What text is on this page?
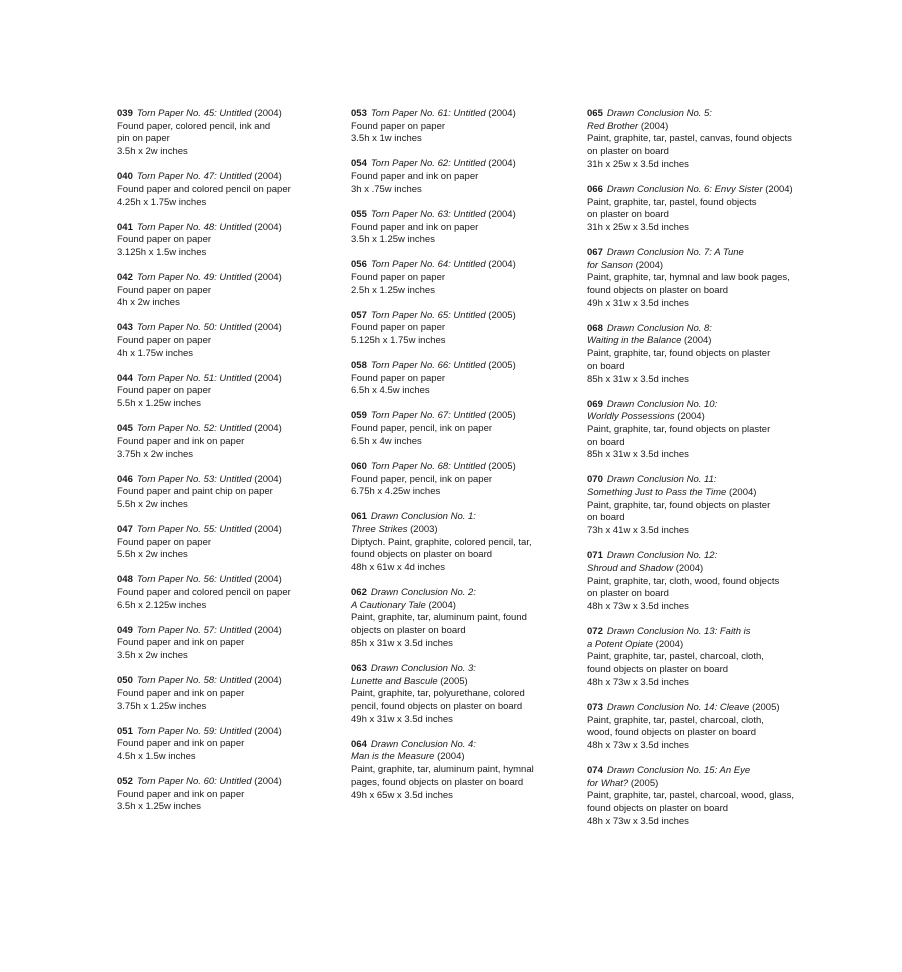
039 Torn Paper No. 45: Untitled (2004)
Found paper, colored pencil, ink and
pin on paper
3.5h x 2w inches
040 Torn Paper No. 47: Untitled (2004)
Found paper and colored pencil on paper
4.25h x 1.75w inches
041 Torn Paper No. 48: Untitled (2004)
Found paper on paper
3.125h x 1.5w inches
042 Torn Paper No. 49: Untitled (2004)
Found paper on paper
4h x 2w inches
043 Torn Paper No. 50: Untitled (2004)
Found paper on paper
4h x 1.75w inches
044 Torn Paper No. 51: Untitled (2004)
Found paper on paper
5.5h x 1.25w inches
045 Torn Paper No. 52: Untitled (2004)
Found paper and ink on paper
3.75h x 2w inches
046 Torn Paper No. 53: Untitled (2004)
Found paper and paint chip on paper
5.5h x 2w inches
047 Torn Paper No. 55: Untitled (2004)
Found paper on paper
5.5h x 2w inches
048 Torn Paper No. 56: Untitled (2004)
Found paper and colored pencil on paper
6.5h x 2.125w inches
049 Torn Paper No. 57: Untitled (2004)
Found paper and ink on paper
3.5h x 2w inches
050 Torn Paper No. 58: Untitled (2004)
Found paper and ink on paper
3.75h x 1.25w inches
051 Torn Paper No. 59: Untitled (2004)
Found paper and ink on paper
4.5h x 1.5w inches
052 Torn Paper No. 60: Untitled (2004)
Found paper and ink on paper
3.5h x 1.25w inches
053 Torn Paper No. 61: Untitled (2004)
Found paper on paper
3.5h x 1w inches
054 Torn Paper No. 62: Untitled (2004)
Found paper and ink on paper
3h x .75w inches
055 Torn Paper No. 63: Untitled (2004)
Found paper and ink on paper
3.5h x 1.25w inches
056 Torn Paper No. 64: Untitled (2004)
Found paper on paper
2.5h x 1.25w inches
057 Torn Paper No. 65: Untitled (2005)
Found paper on paper
5.125h x 1.75w inches
058 Torn Paper No. 66: Untitled (2005)
Found paper on paper
6.5h x 4.5w inches
059 Torn Paper No. 67: Untitled (2005)
Found paper, pencil, ink on paper
6.5h x 4w inches
060 Torn Paper No. 68: Untitled (2005)
Found paper, pencil, ink on paper
6.75h x 4.25w inches
061 Drawn Conclusion No. 1:
Three Strikes (2003)
Diptych. Paint, graphite, colored pencil, tar,
found objects on plaster on board
48h x 61w x 4d inches
062 Drawn Conclusion No. 2:
A Cautionary Tale (2004)
Paint, graphite, tar, aluminum paint, found
objects on plaster on board
85h x 31w x 3.5d inches
063 Drawn Conclusion No. 3:
Lunette and Bascule (2005)
Paint, graphite, tar, polyurethane, colored
pencil, found objects on plaster on board
49h x 31w x 3.5d inches
064 Drawn Conclusion No. 4:
Man is the Measure (2004)
Paint, graphite, tar, aluminum paint, hymnal
pages, found objects on plaster on board
49h x 65w x 3.5d inches
065 Drawn Conclusion No. 5:
Red Brother (2004)
Paint, graphite, tar, pastel, canvas, found objects
on plaster on board
31h x 25w x 3.5d inches
066 Drawn Conclusion No. 6: Envy Sister (2004)
Paint, graphite, tar, pastel, found objects
on plaster on board
31h x 25w x 3.5d inches
067 Drawn Conclusion No. 7: A Tune
for Sanson (2004)
Paint, graphite, tar, hymnal and law book pages,
found objects on plaster on board
49h x 31w x 3.5d inches
068 Drawn Conclusion No. 8:
Waiting in the Balance (2004)
Paint, graphite, tar, found objects on plaster
on board
85h x 31w x 3.5d inches
069 Drawn Conclusion No. 10:
Worldly Possessions (2004)
Paint, graphite, tar, found objects on plaster
on board
85h x 31w x 3.5d inches
070 Drawn Conclusion No. 11:
Something Just to Pass the Time (2004)
Paint, graphite, tar, found objects on plaster
on board
73h x 41w x 3.5d inches
071 Drawn Conclusion No. 12:
Shroud and Shadow (2004)
Paint, graphite, tar, cloth, wood, found objects
on plaster on board
48h x 73w x 3.5d inches
072 Drawn Conclusion No. 13: Faith is
a Potent Opiate (2004)
Paint, graphite, tar, pastel, charcoal, cloth,
found objects on plaster on board
48h x 73w x 3.5d inches
073 Drawn Conclusion No. 14: Cleave (2005)
Paint, graphite, tar, pastel, charcoal, cloth,
wood, found objects on plaster on board
48h x 73w x 3.5d inches
074 Drawn Conclusion No. 15: An Eye
for What? (2005)
Paint, graphite, tar, pastel, charcoal, wood, glass,
found objects on plaster on board
48h x 73w x 3.5d inches
